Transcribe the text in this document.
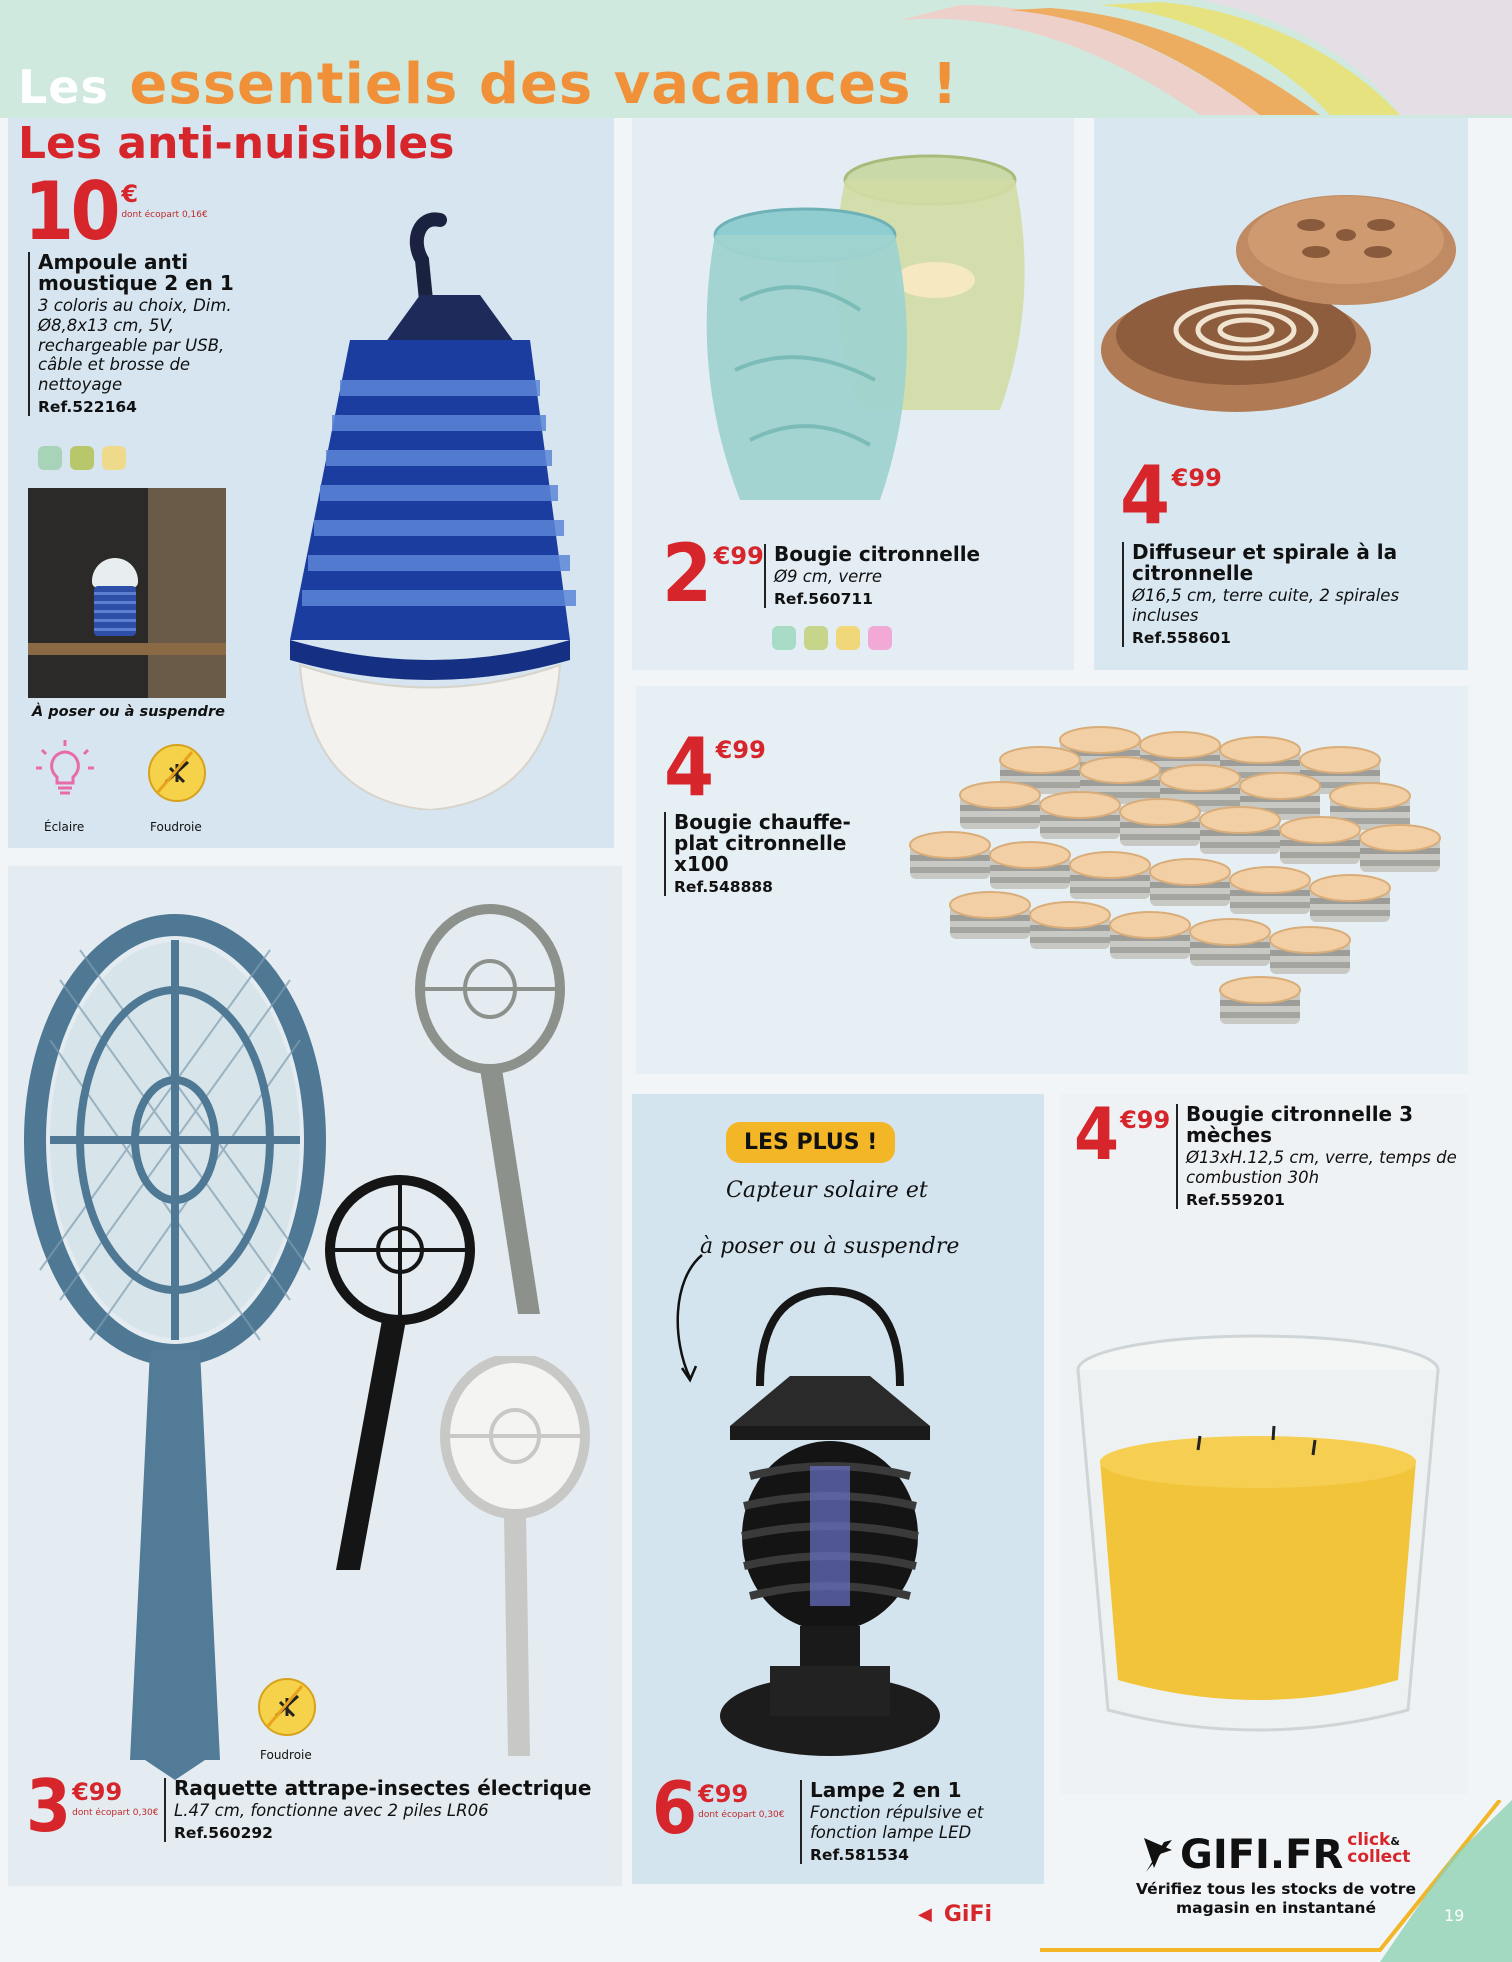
Les essentiels des vacances !
Les anti-nuisibles
10 €
dont écopart 0,16€
Ampoule anti moustique 2 en 1
3 coloris au choix, Dim. Ø8,8x13 cm, 5V, rechargeable par USB, câble et brosse de nettoyage
Ref.522164
À poser ou à suspendre
Éclaire	Foudroie
2 €99 Bougie citronnelle
Ø9 cm, verre
Ref.560711
4 €99
Diffuseur et spirale à la citronnelle
Ø16,5 cm, terre cuite, 2 spirales incluses
Ref.558601
4 €99
Bougie chauffe-plat citronnelle x100
Ref.548888
Foudroie
3 €99
dont écopart 0,30€
Raquette attrape-insectes électrique
L.47 cm, fonctionne avec 2 piles LR06
Ref.560292
LES PLUS !
Capteur solaire et
à poser ou à suspendre
6 €99
dont écopart 0,30€
Lampe 2 en 1
Fonction répulsive et fonction lampe LED
Ref.581534
4 €99 Bougie citronnelle 3 mèches
Ø13xH.12,5 cm, verre, temps de combustion 30h
Ref.559201
GIFI.FR click&
collect
Vérifiez tous les stocks de votre magasin en instantané
◀ GiFi	19
